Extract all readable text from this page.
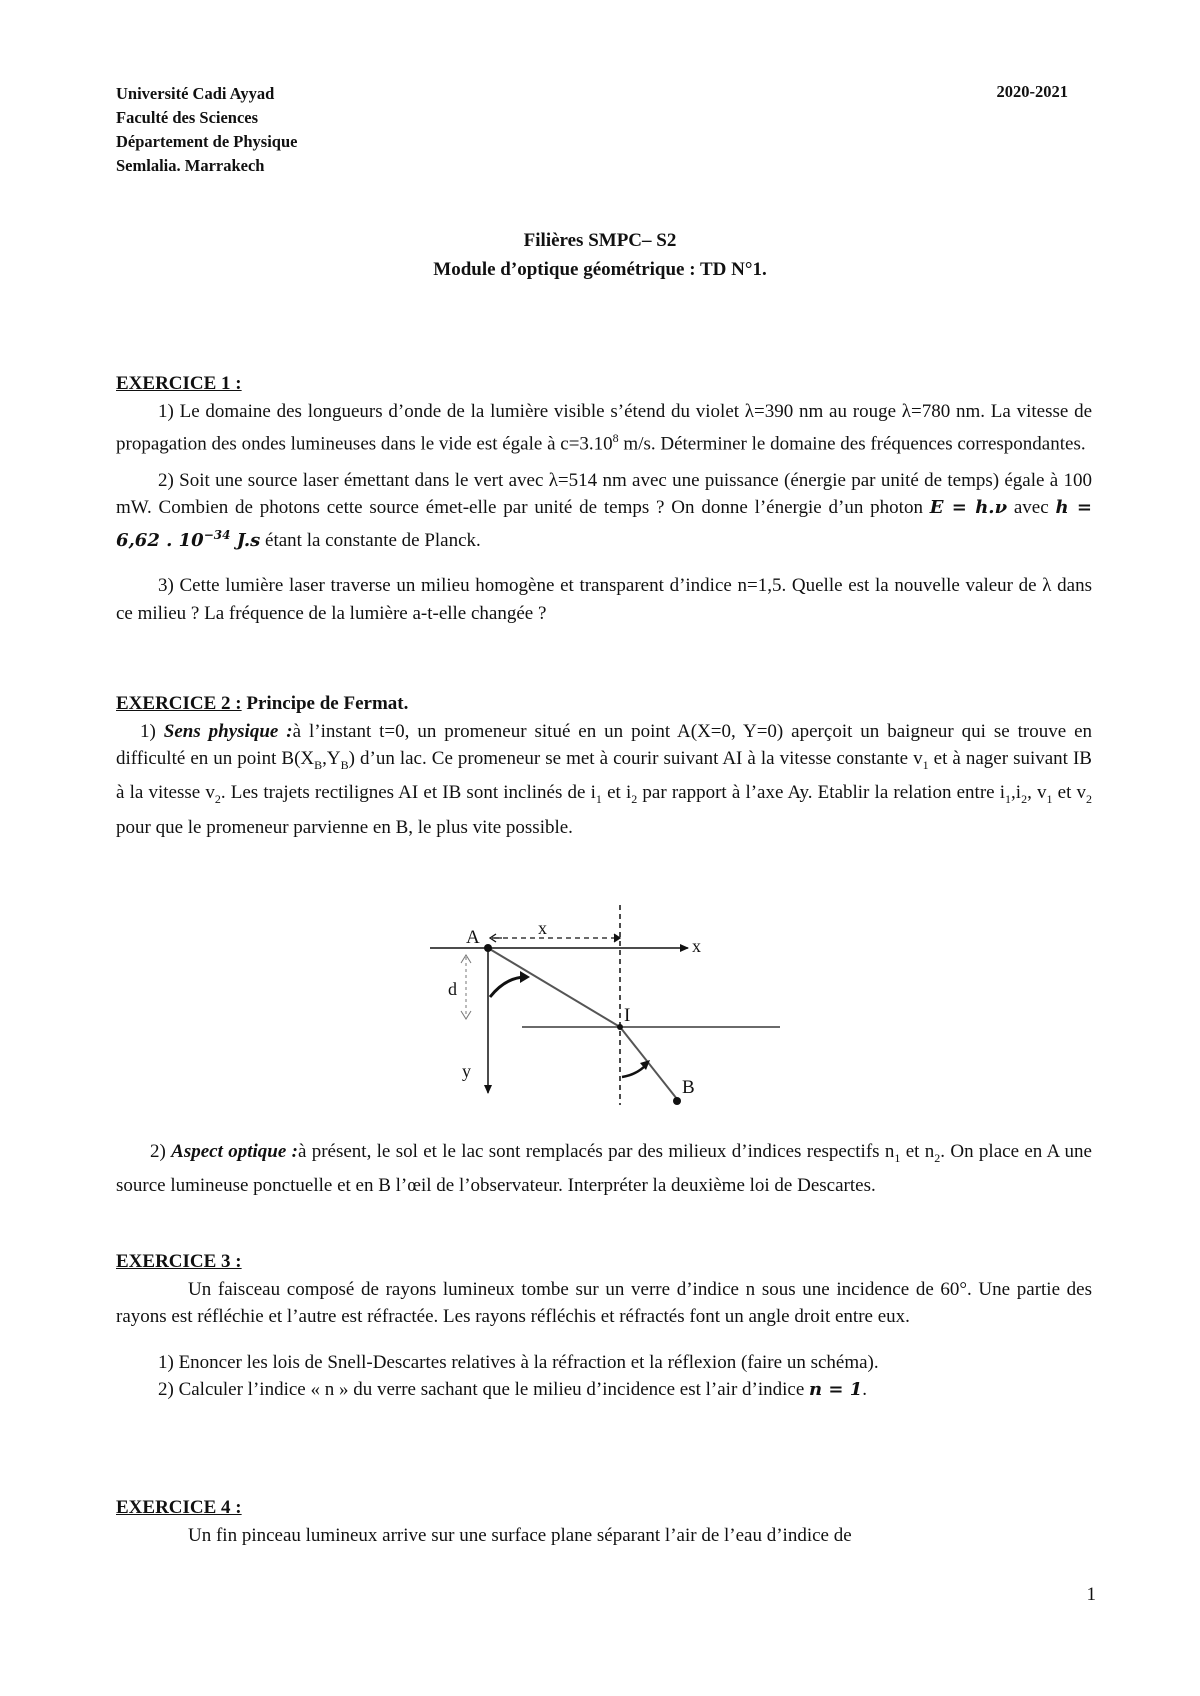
Université Cadi Ayyad
Faculté des Sciences
Département de Physique
Semlalia. Marrakech
2020-2021
Filières SMPC– S2
Module d’optique géométrique : TD N°1.

EXERCICE 1 :

1) Le domaine des longueurs d’onde de la lumière visible s’étend du violet λ=390 nm au rouge λ=780 nm. La vitesse de propagation des ondes lumineuses dans le vide est égale à $c=3.10^8$ m/s. Déterminer le domaine des fréquences correspondantes.

2) Soit une source laser émettant dans le vert avec λ=514 nm avec une puissance (énergie par unité de temps) égale à 100 mW. Combien de photons cette source émet-elle par unité de temps ? On donne l’énergie d’un photon E = h.ν avec h = 6,62 . $10^{-34}$ J.s étant la constante de Planck.

3) Cette lumière laser traverse un milieu homogène et transparent d’indice n=1,5. Quelle est la nouvelle valeur de λ dans ce milieu ? La fréquence de la lumière a-t-elle changée ?

EXERCICE 2 : Principe de Fermat.

1) Sens physique :à l’instant t=0, un promeneur situé en un point A(X=0, Y=0) aperçoit un baigneur qui se trouve en difficulté en un point $B(X_B,Y_B)$ d’un lac. Ce promeneur se met à courir suivant AI à la vitesse constante $v_1$ et à nager suivant IB à la vitesse $v_2$. Les trajets rectilignes AI et IB sont inclinés de $i_1$ et $i_2$ par rapport à l’axe Ay. Etablir la relation entre $i_1,i_2$, $v_1$ et $v_2$ pour que le promeneur parvienne en B, le plus vite possible.

A	x
x
d
I
y
B

2) Aspect optique :à présent, le sol et le lac sont remplacés par des milieux d’indices respectifs $n_1$ et $n_2$. On place en A une source lumineuse ponctuelle et en B l’œil de l’observateur. Interpréter la deuxième loi de Descartes.

EXERCICE 3 :

Un faisceau composé de rayons lumineux tombe sur un verre d’indice n sous une incidence de 60°. Une partie des rayons est réfléchie et l’autre est réfractée. Les rayons réfléchis et réfractés font un angle droit entre eux.

1) Enoncer les lois de Snell-Descartes relatives à la réfraction et la réflexion (faire un schéma).

2) Calculer l’indice « n » du verre sachant que le milieu d’incidence est l’air d’indice n = 1.

EXERCICE 4 :

Un fin pinceau lumineux arrive sur une surface plane séparant l’air de l’eau d’indice de

1
